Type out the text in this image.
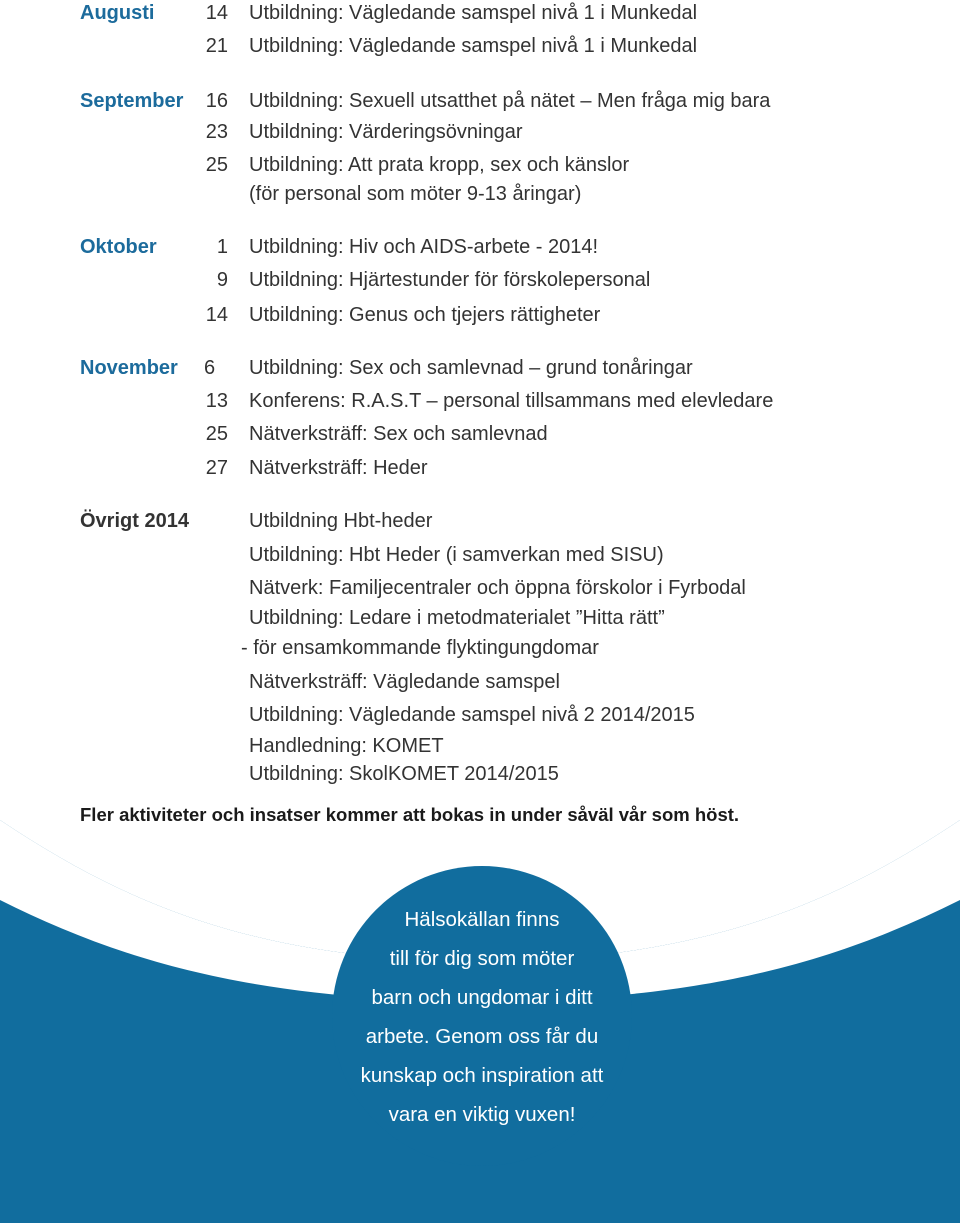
Augusti	14 Utbildning: Vägledande samspel nivå 1 i Munkedal
21 Utbildning: Vägledande samspel nivå 1 i Munkedal
September	16 Utbildning: Sexuell utsatthet på nätet – Men fråga mig bara
23 Utbildning: Värderingsövningar
25 Utbildning: Att prata kropp, sex och känslor
(för personal som möter 9-13 åringar)
Oktober	1 Utbildning: Hiv och AIDS-arbete - 2014!
9 Utbildning: Hjärtestunder för förskolepersonal
14 Utbildning: Genus och tjejers rättigheter
November 6	Utbildning: Sex och samlevnad – grund tonåringar
13 Konferens: R.A.S.T – personal tillsammans med elevledare
25 Nätverksträff: Sex och samlevnad
27 Nätverksträff: Heder
Övrigt 2014	Utbildning Hbt-heder
Utbildning: Hbt Heder (i samverkan med SISU)
Nätverk: Familjecentraler och öppna förskolor i Fyrbodal
Utbildning: Ledare i metodmaterialet ”Hitta rätt”
- för ensamkommande flyktingungdomar
Nätverksträff: Vägledande samspel
Utbildning: Vägledande samspel nivå 2 2014/2015
Handledning: KOMET
Utbildning: SkolKOMET 2014/2015
Fler aktiviteter och insatser kommer att bokas in under såväl vår som höst.
Hälsokällan finns
till för dig som möter
barn och ungdomar i ditt
arbete. Genom oss får du
kunskap och inspiration att
vara en viktig vuxen!
